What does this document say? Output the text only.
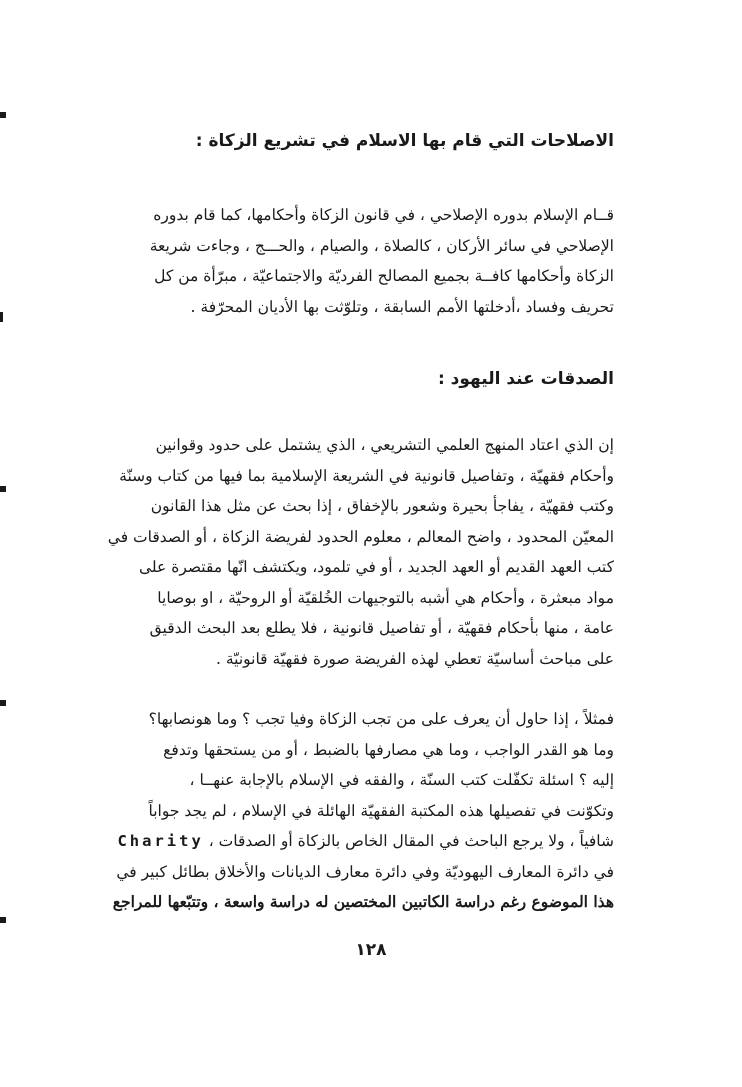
الاصلاحات التي قام بها الاسلام في تشريع الزكاة :
قــام الإسلام بدوره الإصلاحي ، في قانون الزكاة وأحكامها، كما قام بدوره
الإصلاحي في سائر الأركان ، كالصلاة ، والصيام ، والحـــج ، وجاءت شريعة
الزكاة وأحكامها كافــة بجميع المصالح الفرديّة والاجتماعيّة ، مبرّأة من كل
تحريف وفساد ،أدخلتها الأمم السابقة ، وتلوّثت بها الأديان المحرّفة .
الصدقات عند اليهود :
إن الذي اعتاد المنهج العلمي التشريعي ، الذي يشتمل على حدود وقوانين
وأحكام فقهيّة ، وتفاصيل قانونية في الشريعة الإسلامية بما فيها من كتاب وسنّة
وكتب فقهيّة ، يفاجأ بحيرة وشعور بالإخفاق ، إذا بحث عن مثل هذا القانون
المعيّن المحدود ، واضح المعالم ، معلوم الحدود لفريضة الزكاة ، أو الصدقات في
كتب العهد القديم أو العهد الجديد ، أو في تلمود، ويكتشف انّها مقتصرة على
مواد مبعثرة ، وأحكام هي أشبه بالتوجيهات الخُلقيّة أو الروحيّة ، او بوصايا
عامة ، منها بأحكام فقهيّة ، أو تفاصيل قانونية ، فلا يطلع بعد البحث الدقيق
على مباحث أساسيّة تعطي لهذه الفريضة صورة فقهيّة قانونيّة .
فمثلاً ، إذا حاول أن يعرف على من تجب الزكاة وفيا تجب ؟ وما هونصابها؟
وما هو القدر الواجب ، وما هي مصارفها بالضبط ، أو من يستحقها وتدفع
إليه ؟ اسئلة تكفّلت كتب السنّة ، والفقه في الإسلام بالإجابة عنهــا ،
وتكوّنت في تفصيلها هذه المكتبة الفقهيّة الهائلة في الإسلام ، لم يجد جواباً
شافياً ، ولا يرجع الباحث في المقال الخاص بالزكاة أو الصدقات ، Charity
في دائرة المعارف اليهوديّة وفي دائرة معارف الديانات والأخلاق بطائل كبير في
هذا الموضوع رغم دراسة الكاتبين المختصين له دراسة واسعة ، وتتبّعها للمراجع
١٢٨
